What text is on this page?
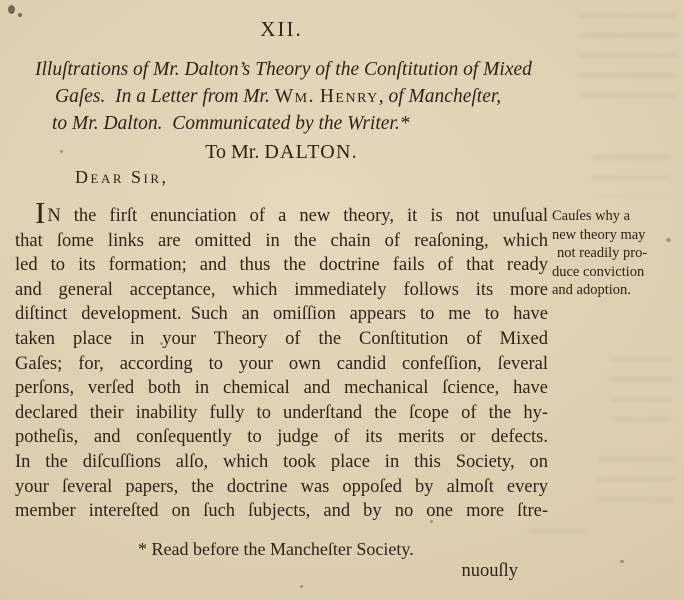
XII.
Illuſtrations of Mr. Dalton’s Theory of the Conſtitution of Mixed
Gaſes. In a Letter from Mr. Wm. Henry, of Mancheſter,
to Mr. Dalton. Communicated by the Writer.*
To Mr. DALTON.
Dear Sir,
I N the firſt enunciation of a new theory, it is not unuſual
that ſome links are omitted in the chain of reaſoning, which
led to its formation; and thus the doctrine fails of that ready
and general acceptance, which immediately follows its more
diſtinct development. Such an omiſſion appears to me to have
taken place in your Theory of the Conſtitution of Mixed
Gaſes; for, according to your own candid confeſſion, ſeveral
perſons, verſed both in chemical and mechanical ſcience, have
declared their inability fully to underſtand the ſcope of the hy-
potheſis, and conſequently to judge of its merits or defects.
In the diſcuſſions alſo, which took place in this Society, on
your ſeveral papers, the doctrine was oppoſed by almoſt every
member intereſted on ſuch ſubjects, and by no one more ſtre-
Cauſes why a
new theory may
not readily pro-
duce conviction
and adoption.
* Read before the Mancheſter Society.
nuouſly
